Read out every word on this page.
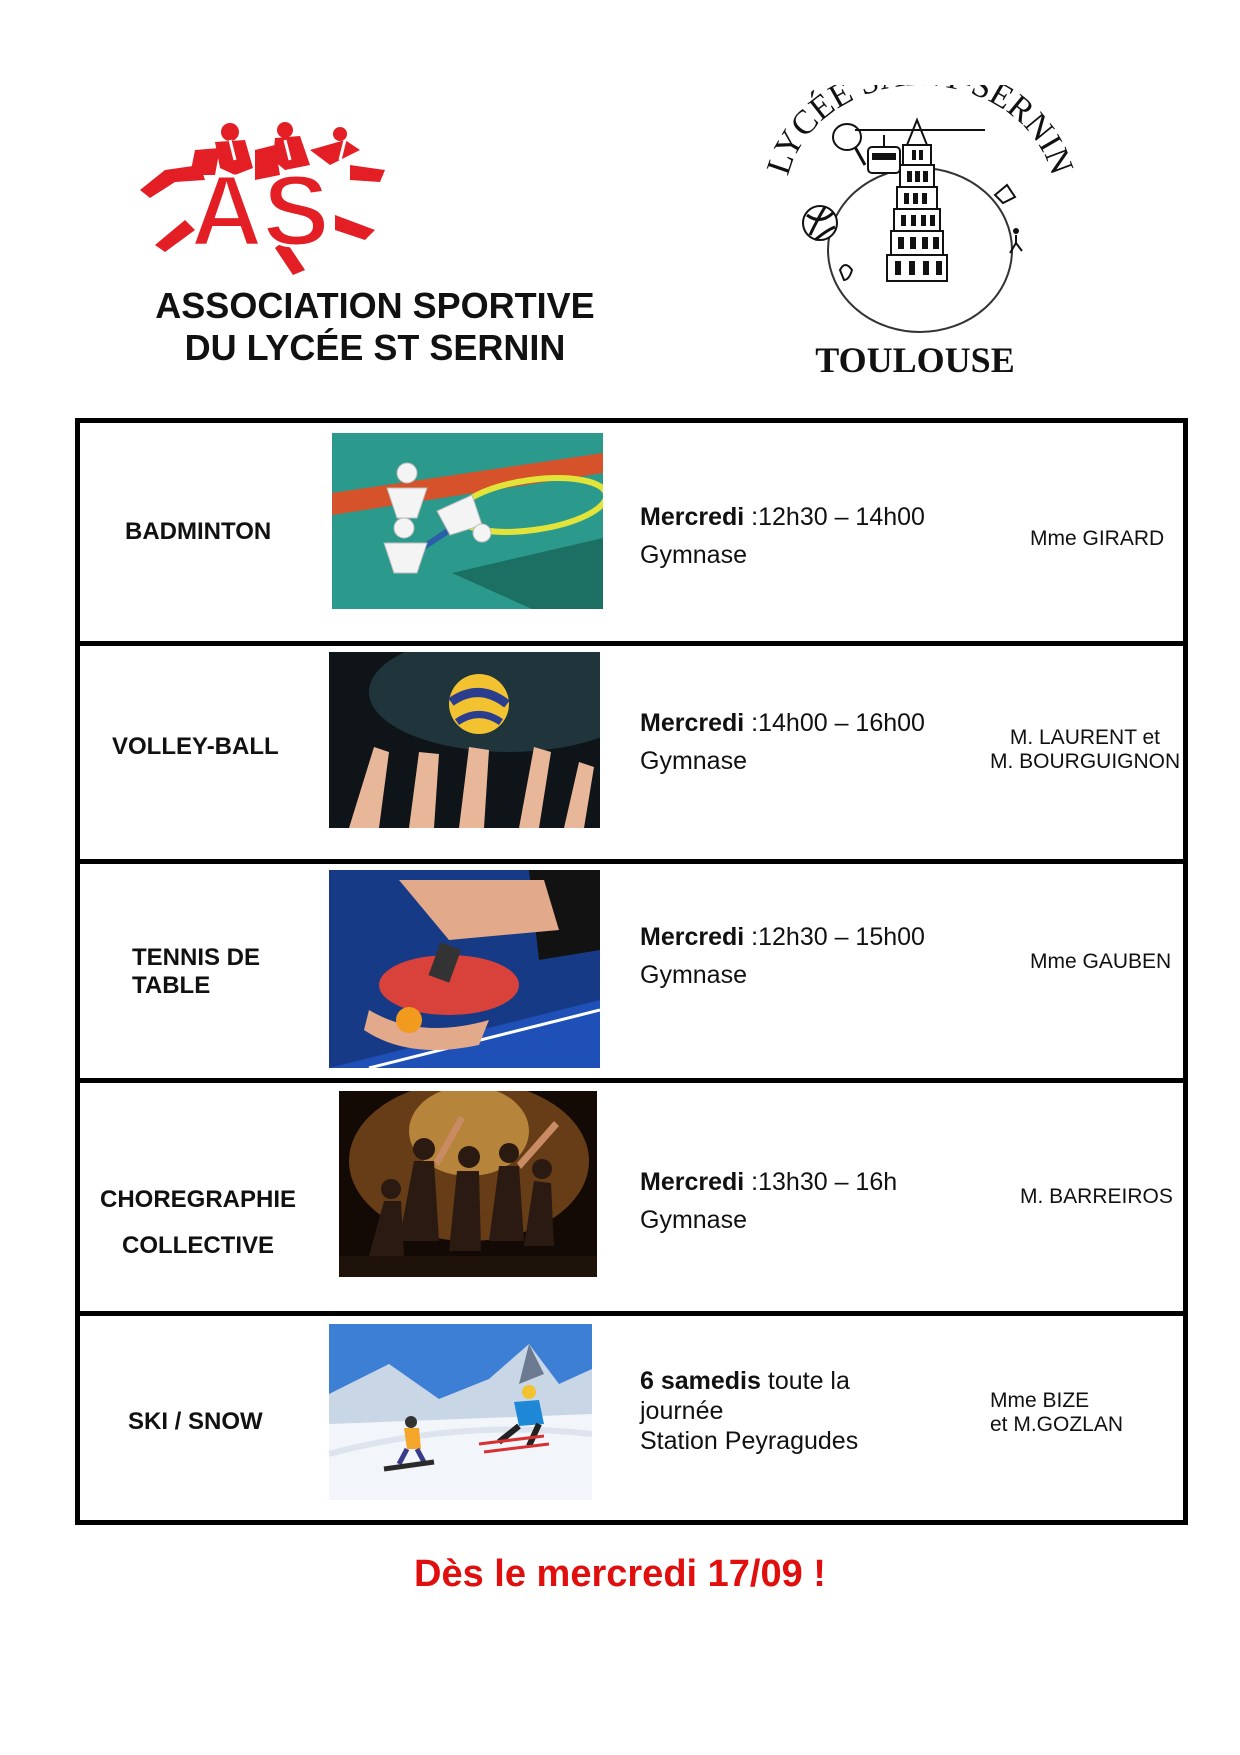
AS
ASSOCIATION SPORTIVE
DU LYCÉE ST SERNIN
LYCÉE SERNI
TOULOUSE
BADMINTON
Mercredi :12h30 – 14h00
Gymnase
Mme GIRARD
VOLLEY-BALL
Mercredi :14h00 – 16h00
Gymnase
M. LAURENT et
M. BOURGUIGNON
TENNIS DE
TABLE
Mercredi :12h30 – 15h00
Gymnase	Mme GAUBEN
CHOREGRAPHIE
COLLECTIVE
Mercredi :13h30 – 16h
Gymnase
M. BARREIROS
SKI / SNOW
6 samedis toute la
journée
Station Peyragudes
Mme BIZE
et M.GOZLAN
Dès le mercredi 17/09 !
